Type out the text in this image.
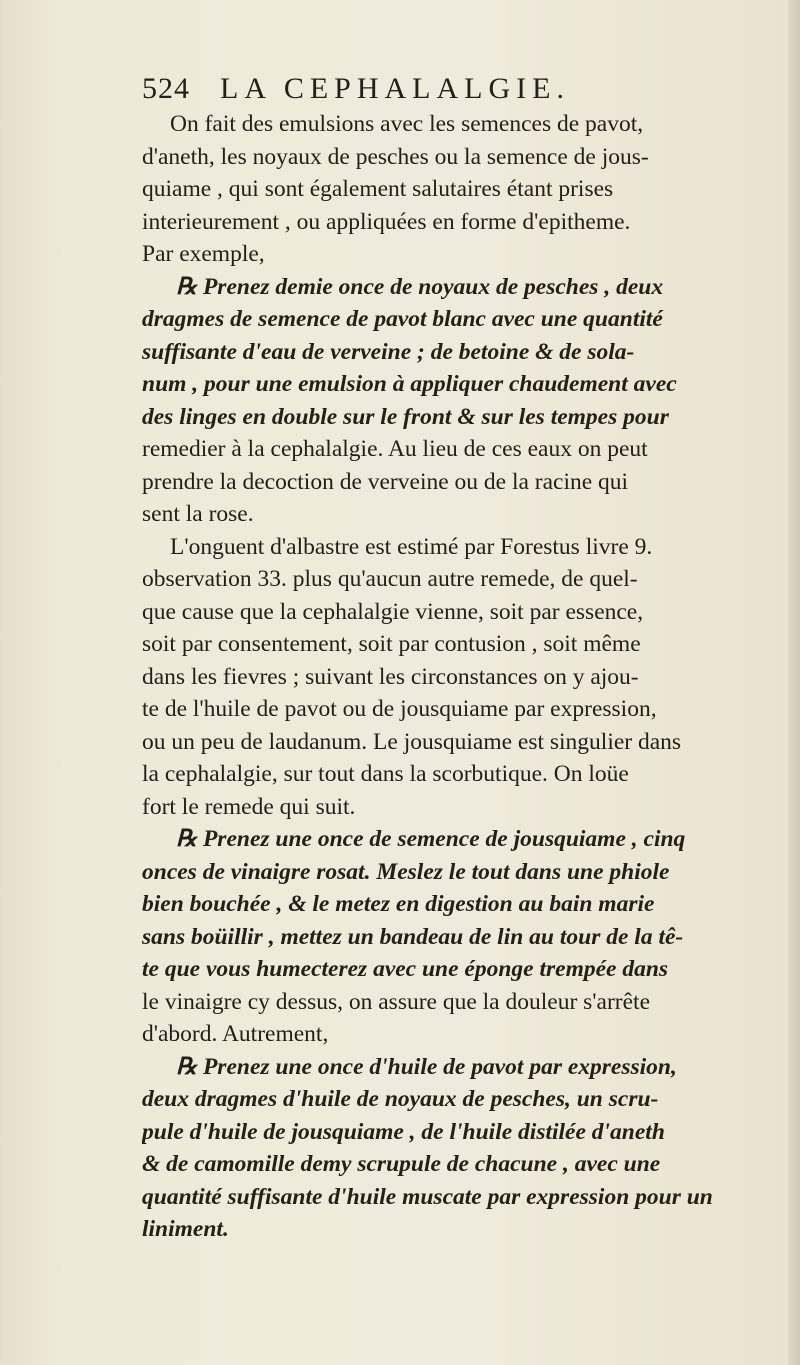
524	LA CEPHALALGIE.
On fait des emulsions avec les semences de pavot,
d'aneth, les noyaux de pesches ou la semence de jous-
quiame , qui sont également salutaires étant prises
interieurement , ou appliquées en forme d'epitheme.
Par exemple,
℞ Prenez demie once de noyaux de pesches , deux
dragmes de semence de pavot blanc avec une quantité
suffisante d'eau de verveine ; de betoine & de sola-
num , pour une emulsion à appliquer chaudement avec
des linges en double sur le front & sur les tempes pour
remedier à la cephalalgie. Au lieu de ces eaux on peut
prendre la decoction de verveine ou de la racine qui
sent la rose.
L'onguent d'albastre est estimé par Forestus livre 9.
observation 33. plus qu'aucun autre remede, de quel-
que cause que la cephalalgie vienne, soit par essence,
soit par consentement, soit par contusion , soit même
dans les fievres ; suivant les circonstances on y ajou-
te de l'huile de pavot ou de jousquiame par expression,
ou un peu de laudanum. Le jousquiame est singulier dans
la cephalalgie, sur tout dans la scorbutique. On loüe
fort le remede qui suit.
℞ Prenez une once de semence de jousquiame , cinq
onces de vinaigre rosat. Meslez le tout dans une phiole
bien bouchée , & le metez en digestion au bain marie
sans boüillir , mettez un bandeau de lin au tour de la tê-
te que vous humecterez avec une éponge trempée dans
le vinaigre cy dessus, on assure que la douleur s'arrête
d'abord. Autrement,
℞ Prenez une once d'huile de pavot par expression,
deux dragmes d'huile de noyaux de pesches, un scru-
pule d'huile de jousquiame , de l'huile distilée d'aneth
& de camomille demy scrupule de chacune , avec une
quantité suffisante d'huile muscate par expression pour un
liniment.
